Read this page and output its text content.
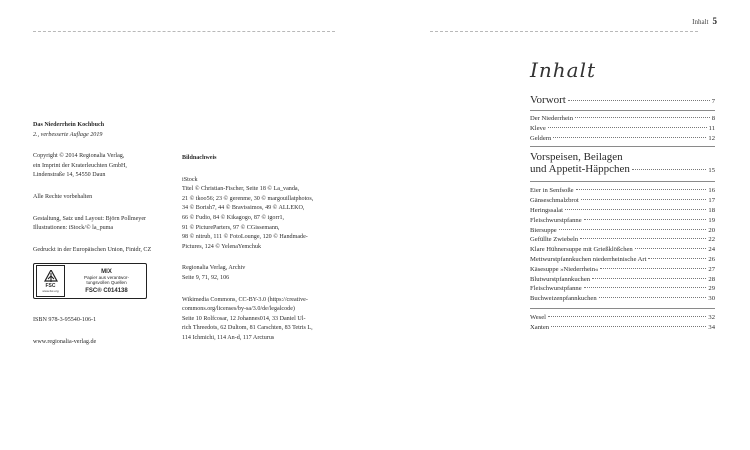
Das Niederrhein Kochbuch

2., verbesserte Auflage 2019

Copyright © 2014 Regionalia Verlag,

ein Imprint der Kraterleuchten GmbH,

Lindenstraße 14, 54550 Daun

Alle Rechte vorbehalten

Gestaltung, Satz und Layout: Björn Pollmeyer

Illustrationen: iStock/© la_puma

Gedruckt in der Europäischen Union, Finidr, CZ

FSC
www.fsc.org
MIX
Papier aus verantwor-
tungsvollen Quellen
FSC® C014138

ISBN 978-3-95540-106-1

www.regionalia-verlag.de

Bildnachweis

iStock

Titel © Christian-Fischer, Seite 18 © La_vanda,

21 © tkoo56; 23 © gerenme, 30 © margouillatphotos,

34 © Borish7, 44 © Bravissimos, 49 © ALLEKO,

66 © Fudio, 84 © Kikagogo, 87 © igorr1,

91 © PictureParters, 97 © CGissemann,

98 © nitrub, 111 © FotoLounge, 120 © Handmade-

Pictures, 124 © YelenaYemchuk

Regionalia Verlag, Archiv

Seite 9, 71, 92, 106

Wikimedia Commons, CC-BY-3.0 (https://creative-

commons.org/licenses/by-sa/3.0/de/legalcode)

Seite 10 Rolfcosar, 12 Johannes014, 33 Daniel Ul-

rich Threedots, 62 Dultom, 81 Carschten, 83 Tetris L,

114 Ichmichi, 114 An-d, 117 Arcturus

Inhalt 5
Inhalt
Vorwort	7
Der Niederrhein	8
Kleve	11
Geldern	12
Vorspeisen, Beilagen
und Appetit-Häppchen	15
Eier in Senfsoße	16
Gänseschmalzbrot	17
Heringssalat	18
Fleischwurstpfanne	19
Biersuppe	20
Gefüllte Zwiebeln	22
Klare Hühnersuppe mit Grießklößchen	24
Mettwurstpfannkuchen niederrheinische Art	26
Käsesuppe »Niederrhein«	27
Blutwurstpfannkuchen	28
Fleischwurstpfanne	29
Buchweizenpfannkuchen	30
Wesel	32
Xanten	34
